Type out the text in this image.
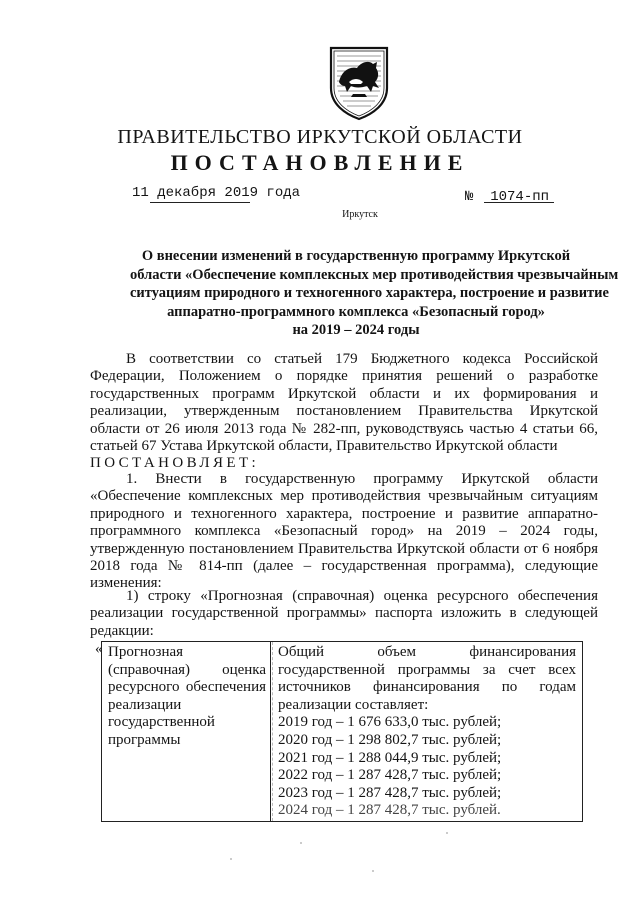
ПРАВИТЕЛЬСТВО ИРКУТСКОЙ ОБЛАСТИ
ПОСТАНОВЛЕНИЕ
11 декабря 2019 года	№ 1074-пп
Иркутск
О внесении изменений в государственную программу Иркутской
области «Обеспечение комплексных мер противодействия чрезвычайным
ситуациям природного и техногенного характера, построение и развитие
аппаратно-программного комплекса «Безопасный город»
на 2019 – 2024 годы
В соответствии со статьей 179 Бюджетного кодекса Российской Федерации, Положением о порядке принятия решений о разработке государственных программ Иркутской области и их формирования и реализации, утвержденным постановлением Правительства Иркутской области от 26 июля 2013 года № 282-пп, руководствуясь частью 4 статьи 66, статьей 67 Устава Иркутской области, Правительство Иркутской области
ПОСТАНОВЛЯЕТ:
1. Внести в государственную программу Иркутской области «Обеспечение комплексных мер противодействия чрезвычайным ситуациям природного и техногенного характера, построение и развитие аппаратно-программного комплекса «Безопасный город» на 2019 – 2024 годы, утвержденную постановлением Правительства Иркутской области от 6 ноября 2018 года № 814-пп (далее – государственная программа), следующие изменения:
1) строку «Прогнозная (справочная) оценка ресурсного обеспечения реализации государственной программы» паспорта изложить в следующей редакции:
« Прогнозная
(справочная) оценка
ресурсного обеспечения
реализации
государственной
программы
Общий объем финансирования
государственной программы за счет всех
источников финансирования по годам
реализации составляет:
2019 год – 1 676 633,0 тыс. рублей;
2020 год – 1 298 802,7 тыс. рублей;
2021 год – 1 288 044,9 тыс. рублей;
2022 год – 1 287 428,7 тыс. рублей;
2023 год – 1 287 428,7 тыс. рублей;
2024 год – 1 287 428,7 тыс. рублей.
